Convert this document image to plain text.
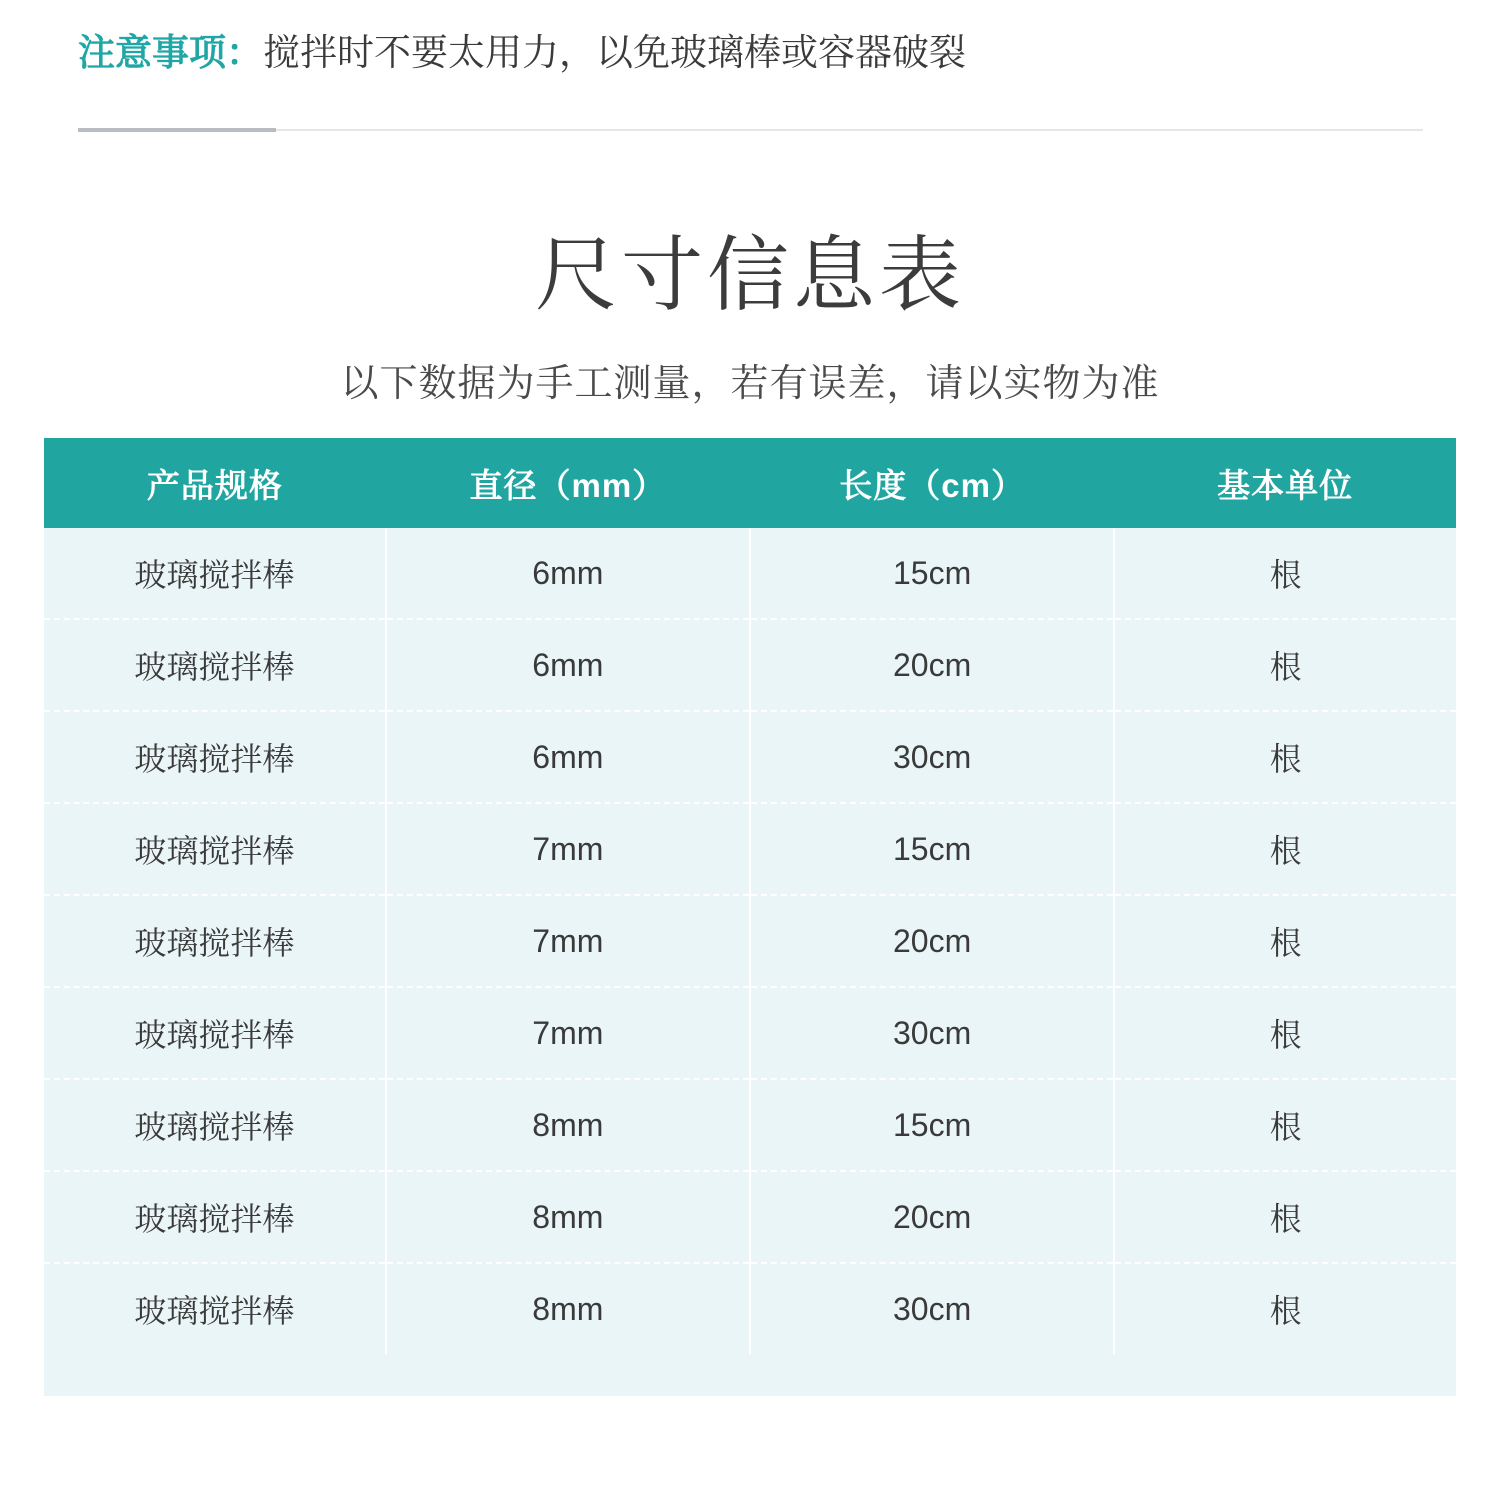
注意事项：搅拌时不要太用力，以免玻璃棒或容器破裂
尺寸信息表
以下数据为手工测量，若有误差，请以实物为准
产品规格	直径（mm）	长度（cm）	基本单位
玻璃搅拌棒	6mm	15cm	根
玻璃搅拌棒	6mm	20cm	根
玻璃搅拌棒	6mm	30cm	根
玻璃搅拌棒	7mm	15cm	根
玻璃搅拌棒	7mm	20cm	根
玻璃搅拌棒	7mm	30cm	根
玻璃搅拌棒	8mm	15cm	根
玻璃搅拌棒	8mm	20cm	根
玻璃搅拌棒	8mm	30cm	根
